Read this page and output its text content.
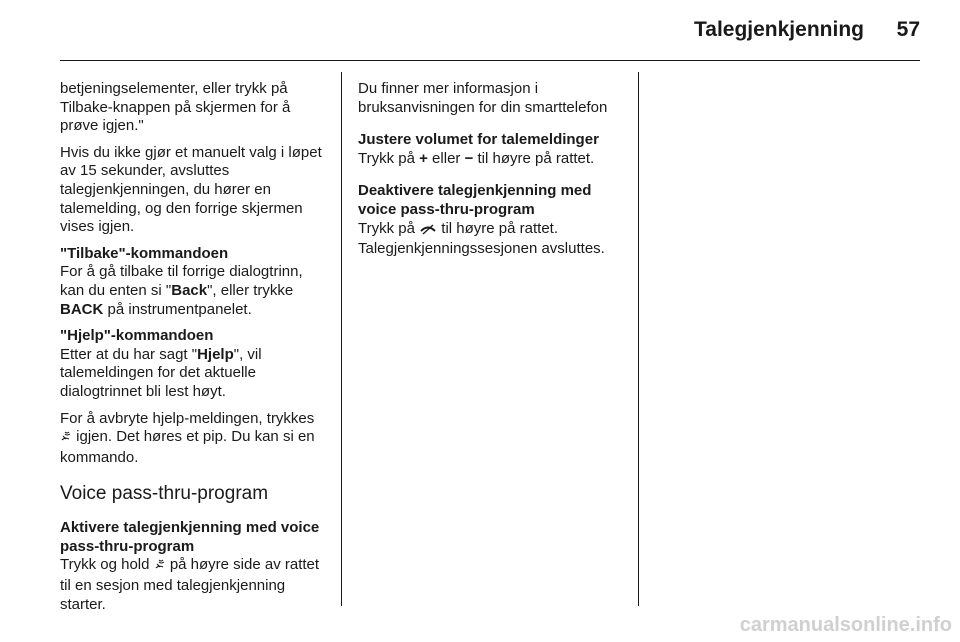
Talegjenkjenning	57

betjeningselementer, eller trykk på Tilbake-knappen på skjermen for å prøve igjen."

Hvis du ikke gjør et manuelt valg i løpet av 15 sekunder, avsluttes talegjenkjenningen, du hører en talemelding, og den forrige skjermen vises igjen.

"Tilbake"-kommandoen

For å gå tilbake til forrige dialogtrinn, kan du enten si "Back", eller trykke BACK på instrumentpanelet.

"Hjelp"-kommandoen

Etter at du har sagt "Hjelp", vil talemeldingen for det aktuelle dialogtrinnet bli lest høyt.

For å avbryte hjelp-meldingen, trykkes  igjen. Det høres et pip. Du kan si en kommando.

Voice pass-thru-program

Aktivere talegjenkjenning med voice pass-thru-program

Trykk og hold  på høyre side av rattet til en sesjon med talegjenkjenning starter.

Du finner mer informasjon i bruksanvisningen for din smarttelefon

Justere volumet for talemeldinger

Trykk på + eller − til høyre på rattet.

Deaktivere talegjenkjenning med voice pass-thru-program

Trykk på  til høyre på rattet. Talegjenkjenningssesjonen avsluttes.

carmanualsonline.info
